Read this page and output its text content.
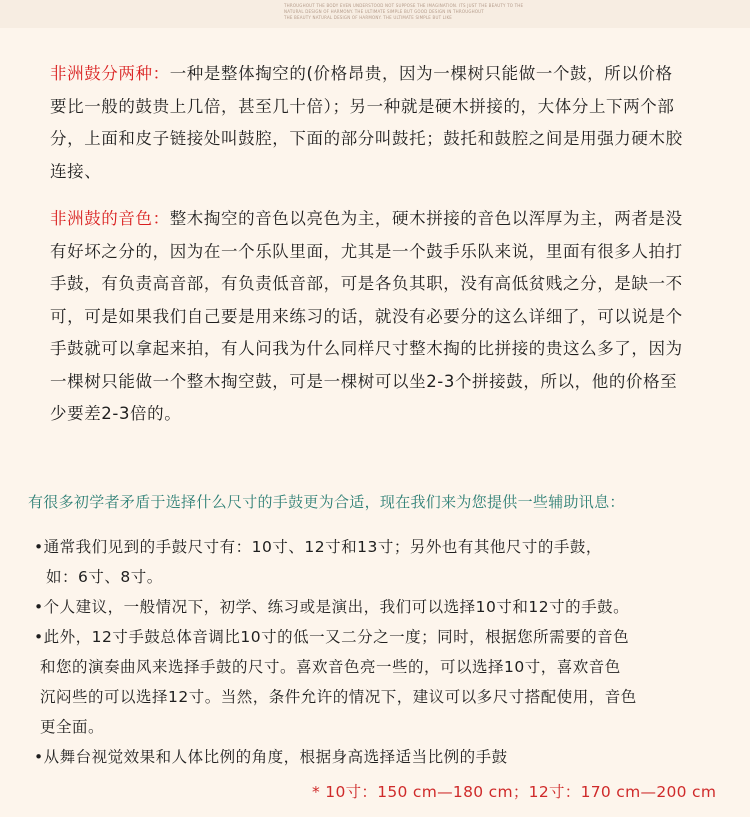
THROUGHOUT THE BODY EVEN UNDERSTOOD NOT SUPPOSE THE IMAGINATION. ITS JUST THE BEAUTY TO THE
NATURAL DESIGN OF HARMONY. THE ULTIMATE SIMPLE BUT GOOD DESIGN IN THROUGHOUT
THE BEAUTY NATURAL DESIGN OF HARMONY. THE ULTIMATE SIMPLE BUT LIKE
非洲鼓分两种：一种是整体掏空的(价格昂贵，因为一棵树只能做一个鼓，所以价格
要比一般的鼓贵上几倍，甚至几十倍）；另一种就是硬木拼接的，大体分上下两个部
分，上面和皮子链接处叫鼓腔，下面的部分叫鼓托；鼓托和鼓腔之间是用强力硬木胶
连接、
非洲鼓的音色：整木掏空的音色以亮色为主，硬木拼接的音色以浑厚为主，两者是没
有好坏之分的，因为在一个乐队里面，尤其是一个鼓手乐队来说，里面有很多人拍打
手鼓，有负责高音部，有负责低音部，可是各负其职，没有高低贫贱之分，是缺一不
可，可是如果我们自己要是用来练习的话，就没有必要分的这么详细了，可以说是个
手鼓就可以拿起来拍，有人问我为什么同样尺寸整木掏的比拼接的贵这么多了，因为
一棵树只能做一个整木掏空鼓，可是一棵树可以坐2-3个拼接鼓，所以，他的价格至
少要差2-3倍的。
有很多初学者矛盾于选择什么尺寸的手鼓更为合适，现在我们来为您提供一些辅助讯息：
•通常我们见到的手鼓尺寸有：10寸、12寸和13寸；另外也有其他尺寸的手鼓，
如：6寸、8寸。
•个人建议，一般情况下，初学、练习或是演出，我们可以选择10寸和12寸的手鼓。
•此外，12寸手鼓总体音调比10寸的低一又二分之一度；同时，根据您所需要的音色
和您的演奏曲风来选择手鼓的尺寸。喜欢音色亮一些的，可以选择10寸，喜欢音色
沉闷些的可以选择12寸。当然，条件允许的情况下，建议可以多尺寸搭配使用，音色
更全面。
•从舞台视觉效果和人体比例的角度，根据身高选择适当比例的手鼓
* 10寸：150 cm—180 cm；12寸：170 cm—200 cm
